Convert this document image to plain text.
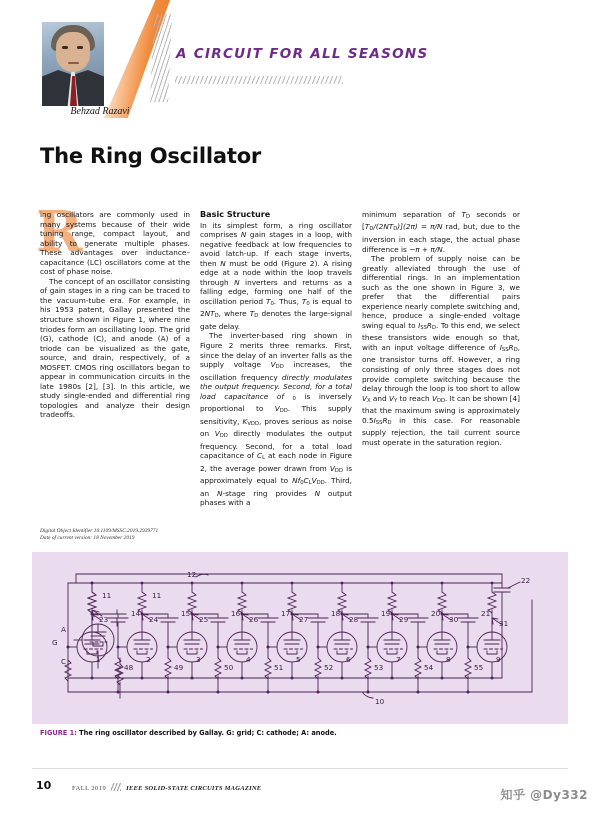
A CIRCUIT FOR ALL SEASONS
Behzad Razavi
The Ring Oscillator
R

ing oscillators are commonly used in many systems because of their wide tuning range, compact layout, and ability to generate multiple phases. These advantages over inductance–capacitance (LC) oscillators come at the cost of phase noise.

The concept of an oscillator consisting of gain stages in a ring can be traced to the vacuum-tube era. For example, in his 1953 patent, Gallay presented the structure shown in Figure 1, where nine triodes form an oscillating loop. The grid (G), cathode (C), and anode (A) of a triode can be visualized as the gate, source, and drain, respectively, of a MOSFET. CMOS ring oscillators began to appear in communication circuits in the late 1980s [2], [3]. In this article, we study single-ended and differential ring topologies and analyze their design tradeoffs.

Basic Structure

In its simplest form, a ring oscillator comprises N gain stages in a loop, with negative feedback at low frequencies to avoid latch-up. If each stage inverts, then N must be odd (Figure 2). A rising edge at a node within the loop travels through N inverters and returns as a falling edge, forming one half of the oscillation period $T_0$. Thus, $T_0$ is equal to $2NT_D$, where $T_D$ denotes the large-signal gate delay.

The inverter-based ring shown in Figure 2 merits three remarks. First, since the delay of an inverter falls as the supply voltage $V_{DD}$ increases, the oscillation frequency directly modulates the output frequency. Second, for a total load capacitance of $_0$ is inversely proportional to $V_{DD}$. This supply sensitivity, $K_{VDD}$, proves serious as noise on $V_{DD}$ directly modulates the output frequency. Second, for a total load capacitance of $C_L$ at each node in Figure 2, the average power drawn from $V_{DD}$ is approximately equal to $Nf_0C_LV_{DD}$. Third, an N-stage ring provides N output phases with a

minimum separation of $T_D$ seconds or $[T_D/(2NT_D)](2\pi) = \pi/N$ rad, but, due to the inversion in each stage, the actual phase difference is −π + π/N.

The problem of supply noise can be greatly alleviated through the use of differential rings. In an implementation such as the one shown in Figure 3, we prefer that the differential pairs experience nearly complete switching and, hence, produce a single-ended voltage swing equal to $I_{SS}R_D$. To this end, we select these transistors wide enough so that, with an input voltage difference of $I_{SS}R_D$, one transistor turns off. However, a ring consisting of only three stages does not provide complete switching because the delay through the loop is too short to allow $V_X$ and $V_Y$ to reach $V_{DD}$. It can be shown [4] that the maximum swing is approximately $0.5I_{SS}R_D$ in this case. For reasonable supply rejection, the tail current source must operate in the saturation region.

Digital Object Identifier 10.1109/MSSC.2019.2939771
Date of current version: 18 November 2019
12
11	11
23	24	25	26	27	28	29	30	31
14	15	16	17	18	19	20	21
1	2	3	4	5	6	7	8	9
48	49	50	51	52	53	54	55
10
22
A
G
C
FIGURE 1: The ring oscillator described by Gallay. G: grid; C: cathode; A: anode.
10	FALL 2019	IEEE SOLID-STATE CIRCUITS MAGAZINE	知乎 @Dy332
